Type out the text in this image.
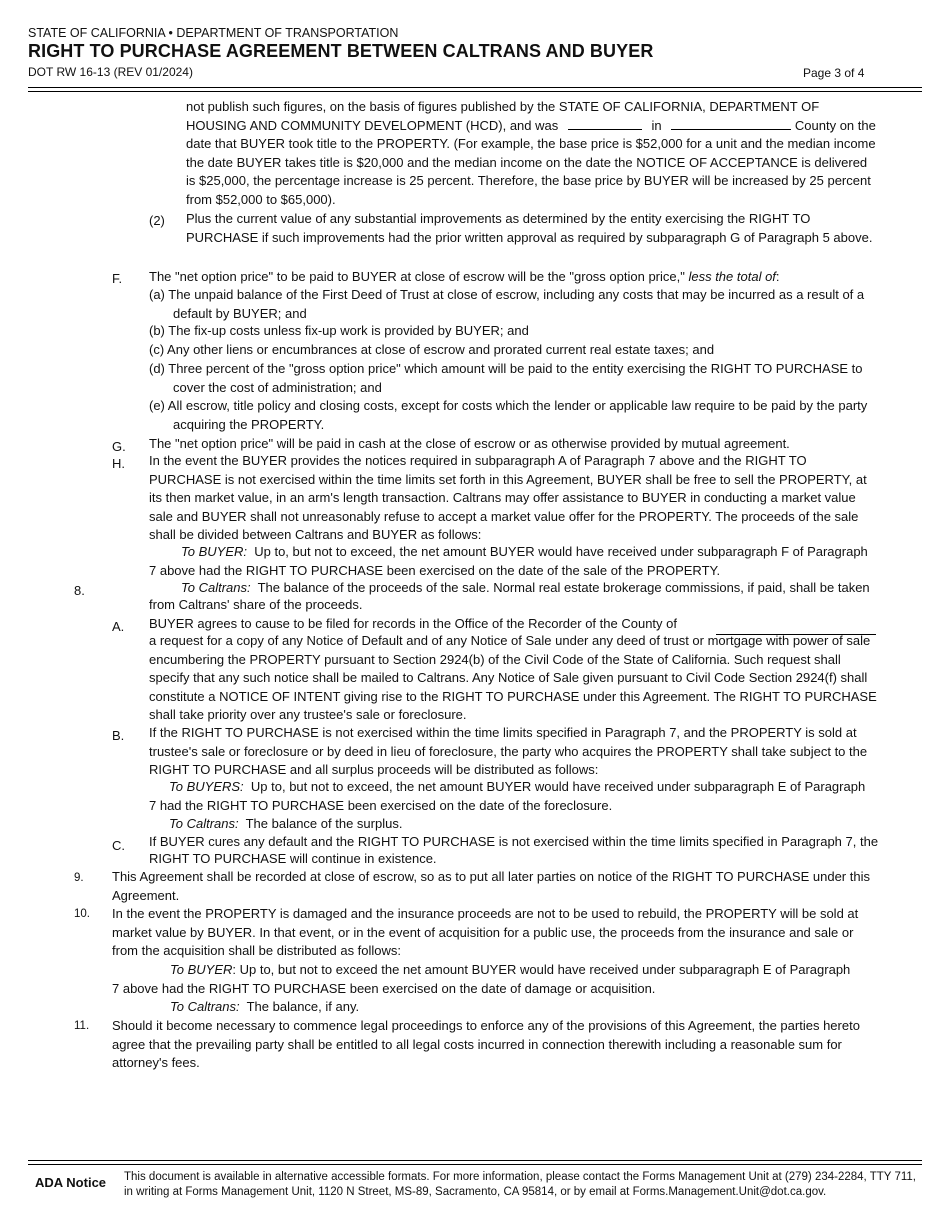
STATE OF CALIFORNIA • DEPARTMENT OF TRANSPORTATION
RIGHT TO PURCHASE AGREEMENT BETWEEN CALTRANS AND BUYER
DOT RW 16-13 (REV 01/2024)	Page 3 of 4
not publish such figures, on the basis of figures published by the STATE OF CALIFORNIA, DEPARTMENT OF HOUSING AND COMMUNITY DEVELOPMENT (HCD), and was	in	County on the date that BUYER took title to the PROPERTY. (For example, the base price is $52,000 for a unit and the median income the date BUYER takes title is $20,000 and the median income on the date the NOTICE OF ACCEPTANCE is delivered is $25,000, the percentage increase is 25 percent. Therefore, the base price by BUYER will be increased by 25 percent from $52,000 to $65,000).
(2) Plus the current value of any substantial improvements as determined by the entity exercising the RIGHT TO PURCHASE if such improvements had the prior written approval as required by subparagraph G of Paragraph 5 above.
F. The "net option price" to be paid to BUYER at close of escrow will be the "gross option price," less the total of:
(a) The unpaid balance of the First Deed of Trust at close of escrow, including any costs that may be incurred as a result of a default by BUYER; and
(b) The fix-up costs unless fix-up work is provided by BUYER; and
(c) Any other liens or encumbrances at close of escrow and prorated current real estate taxes; and
(d) Three percent of the "gross option price" which amount will be paid to the entity exercising the RIGHT TO PURCHASE to cover the cost of administration; and
(e) All escrow, title policy and closing costs, except for costs which the lender or applicable law require to be paid by the party acquiring the PROPERTY.
G. The "net option price" will be paid in cash at the close of escrow or as otherwise provided by mutual agreement.
H. In the event the BUYER provides the notices required in subparagraph A of Paragraph 7 above and the RIGHT TO PURCHASE is not exercised within the time limits set forth in this Agreement, BUYER shall be free to sell the PROPERTY, at its then market value, in an arm's length transaction. Caltrans may offer assistance to BUYER in conducting a market value sale and BUYER shall not unreasonably refuse to accept a market value offer for the PROPERTY. The proceeds of the sale shall be divided between Caltrans and BUYER as follows:
To BUYER: Up to, but not to exceed, the net amount BUYER would have received under subparagraph F of Paragraph 7 above had the RIGHT TO PURCHASE been exercised on the date of the sale of the PROPERTY.
8.	To Caltrans: The balance of the proceeds of the sale. Normal real estate brokerage commissions, if paid, shall be taken from Caltrans' share of the proceeds.
A. BUYER agrees to cause to be filed for records in the Office of the Recorder of the County of
a request for a copy of any Notice of Default and of any Notice of Sale under any deed of trust or mortgage with power of sale encumbering the PROPERTY pursuant to Section 2924(b) of the Civil Code of the State of California. Such request shall specify that any such notice shall be mailed to Caltrans. Any Notice of Sale given pursuant to Civil Code Section 2924(f) shall constitute a NOTICE OF INTENT giving rise to the RIGHT TO PURCHASE under this Agreement. The RIGHT TO PURCHASE shall take priority over any trustee's sale or foreclosure.
B. If the RIGHT TO PURCHASE is not exercised within the time limits specified in Paragraph 7, and the PROPERTY is sold at trustee's sale or foreclosure or by deed in lieu of foreclosure, the party who acquires the PROPERTY shall take subject to the RIGHT TO PURCHASE and all surplus proceeds will be distributed as follows:
To BUYERS: Up to, but not to exceed, the net amount BUYER would have received under subparagraph E of Paragraph 7 had the RIGHT TO PURCHASE been exercised on the date of the foreclosure.
To Caltrans: The balance of the surplus.
C. If BUYER cures any default and the RIGHT TO PURCHASE is not exercised within the time limits specified in Paragraph 7, the RIGHT TO PURCHASE will continue in existence.
9. This Agreement shall be recorded at close of escrow, so as to put all later parties on notice of the RIGHT TO PURCHASE under this Agreement.
10. In the event the PROPERTY is damaged and the insurance proceeds are not to be used to rebuild, the PROPERTY will be sold at market value by BUYER. In that event, or in the event of acquisition for a public use, the proceeds from the insurance and sale or from the acquisition shall be distributed as follows:
To BUYER: Up to, but not to exceed the net amount BUYER would have received under subparagraph E of Paragraph 7 above had the RIGHT TO PURCHASE been exercised on the date of damage or acquisition.
To Caltrans: The balance, if any.
11. Should it become necessary to commence legal proceedings to enforce any of the provisions of this Agreement, the parties hereto agree that the prevailing party shall be entitled to all legal costs incurred in connection therewith including a reasonable sum for attorney's fees.
ADA Notice This document is available in alternative accessible formats. For more information, please contact the Forms Management Unit at (279) 234-2284, TTY 711, in writing at Forms Management Unit, 1120 N Street, MS-89, Sacramento, CA 95814, or by email at Forms.Management.Unit@dot.ca.gov.
